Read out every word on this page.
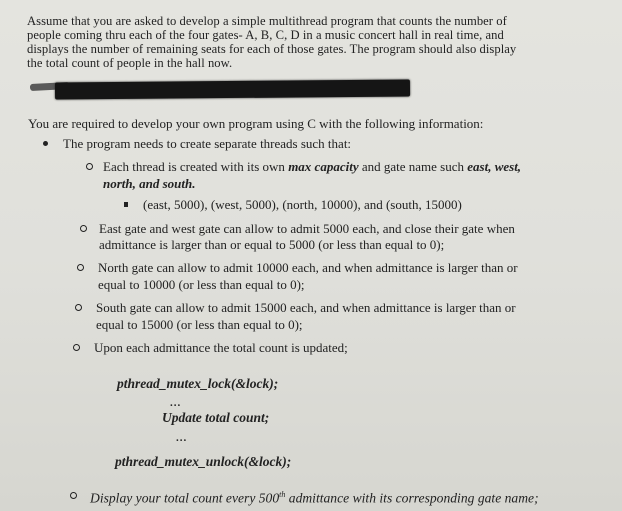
Assume that you are asked to develop a simple multithread program that counts the number of
people coming thru each of the four gates- A, B, C, D in a music concert hall in real time, and
displays the number of remaining seats for each of those gates. The program should also display
the total count of people in the hall now.
You are required to develop your own program using C with the following information:
The program needs to create separate threads such that:
Each thread is created with its own max capacity and gate name such east, west,
north, and south.
(east, 5000), (west, 5000), (north, 10000), and (south, 15000)
East gate and west gate can allow to admit 5000 each, and close their gate when
admittance is larger than or equal to 5000 (or less than equal to 0);
North gate can allow to admit 10000 each, and when admittance is larger than or
equal to 10000 (or less than equal to 0);
South gate can allow to admit 15000 each, and when admittance is larger than or
equal to 15000 (or less than equal to 0);
Upon each admittance the total count is updated;
pthread_mutex_lock(&lock);
...
Update total count;
...
pthread_mutex_unlock(&lock);
Display your total count every 500th admittance with its corresponding gate name;
